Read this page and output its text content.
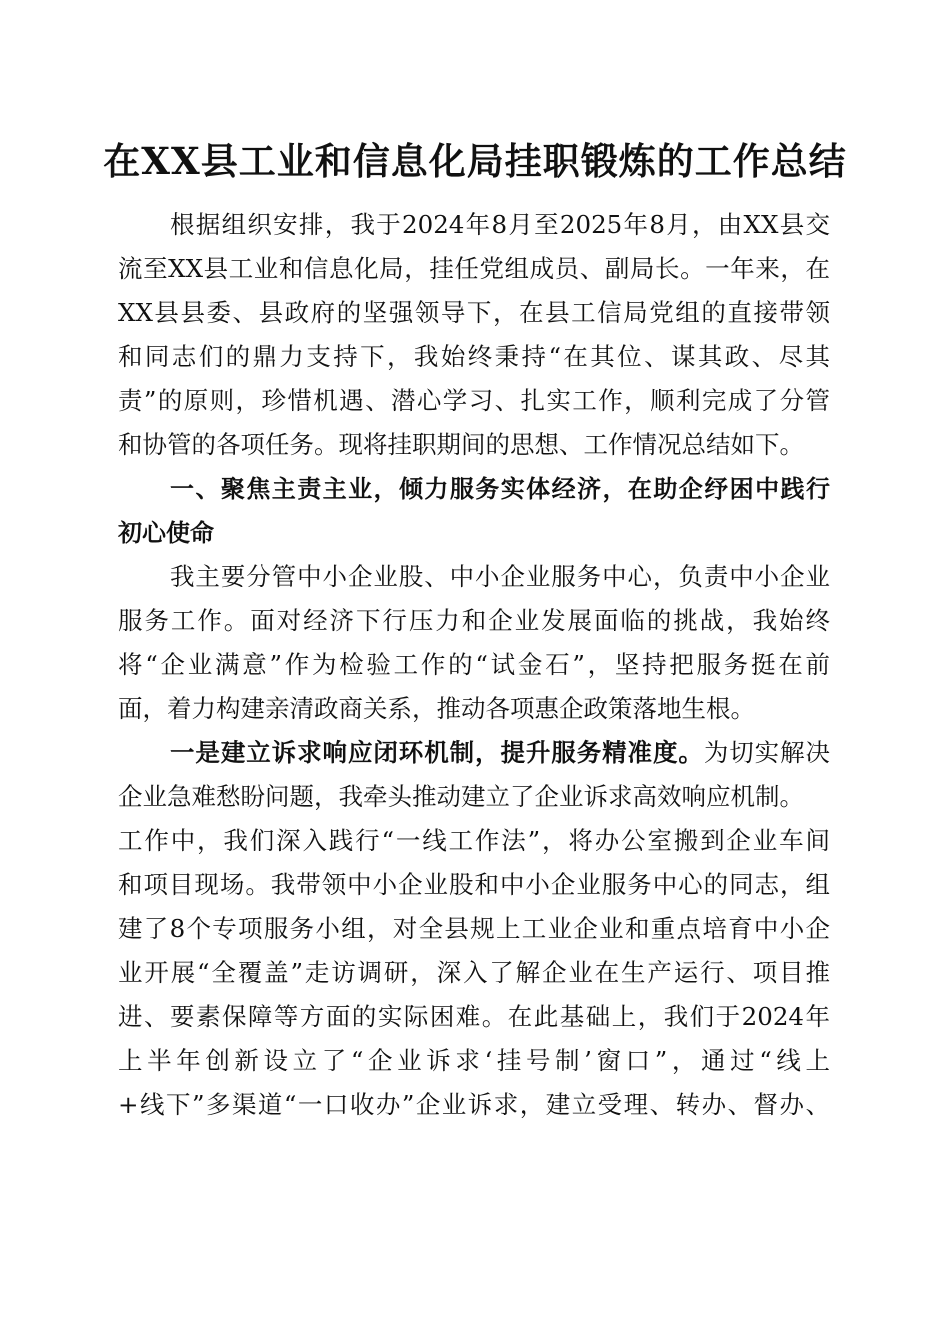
在XX县工业和信息化局挂职锻炼的工作总结
根据组织安排，我于2024年8月至2025年8月，由XX县交
流至XX县工业和信息化局，挂任党组成员、副局长。一年来，在
XX县县委、县政府的坚强领导下，在县工信局党组的直接带领
和同志们的鼎力支持下，我始终秉持“在其位、谋其政、尽其
责”的原则，珍惜机遇、潜心学习、扎实工作，顺利完成了分管
和协管的各项任务。现将挂职期间的思想、工作情况总结如下。
一、聚焦主责主业，倾力服务实体经济，在助企纾困中践行
初心使命
我主要分管中小企业股、中小企业服务中心，负责中小企业
服务工作。面对经济下行压力和企业发展面临的挑战，我始终
将“企业满意”作为检验工作的“试金石”，坚持把服务挺在前
面，着力构建亲清政商关系，推动各项惠企政策落地生根。
一是建立诉求响应闭环机制，提升服务精准度。为切实解决
企业急难愁盼问题，我牵头推动建立了企业诉求高效响应机制。
工作中，我们深入践行“一线工作法”，将办公室搬到企业车间
和项目现场。我带领中小企业股和中小企业服务中心的同志，组
建了8个专项服务小组，对全县规上工业企业和重点培育中小企
业开展“全覆盖”走访调研，深入了解企业在生产运行、项目推
进、要素保障等方面的实际困难。在此基础上，我们于2024年
上半年创新设立了“企业诉求‘挂号制’窗口”，通过“线上
+线下”多渠道“一口收办”企业诉求，建立受理、转办、督办、
